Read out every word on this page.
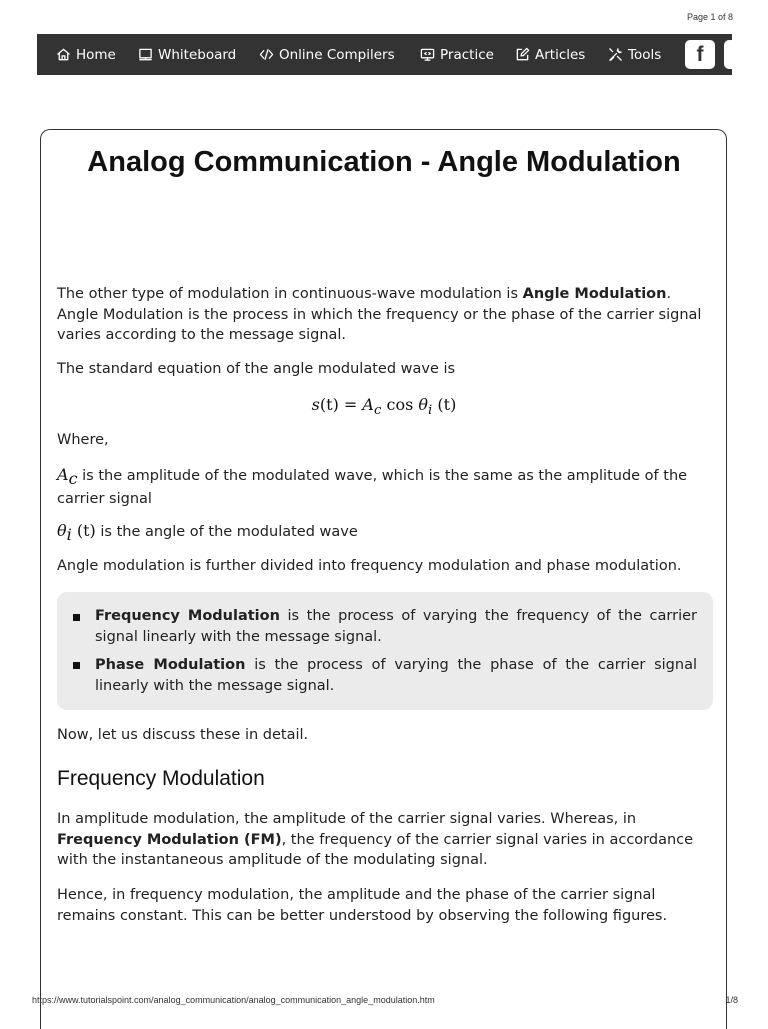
Page 1 of 8
Home	Whiteboard	Online Compilers	Practice	Articles	Tools f
Analog Communication - Angle Modulation

The other type of modulation in continuous-wave modulation is Angle Modulation. Angle Modulation is the process in which the frequency or the phase of the carrier signal varies according to the message signal.

The standard equation of the angle modulated wave is
$s(t) = A_c$ $\cos \theta_i$ (t)
Where,

$A_c$ is the amplitude of the modulated wave, which is the same as the amplitude of the carrier signal

$\theta_i$ (t) is the angle of the modulated wave

Angle modulation is further divided into frequency modulation and phase modulation.
Frequency Modulation is the process of varying the frequency of the carrier signal linearly with the message signal.
Phase Modulation is the process of varying the phase of the carrier signal linearly with the message signal.
Now, let us discuss these in detail.
Frequency Modulation

In amplitude modulation, the amplitude of the carrier signal varies. Whereas, in Frequency Modulation (FM), the frequency of the carrier signal varies in accordance with the instantaneous amplitude of the modulating signal.

Hence, in frequency modulation, the amplitude and the phase of the carrier signal remains constant. This can be better understood by observing the following figures.
https://www.tutorialspoint.com/analog_communication/analog_communication_angle_modulation.htm	1/8
